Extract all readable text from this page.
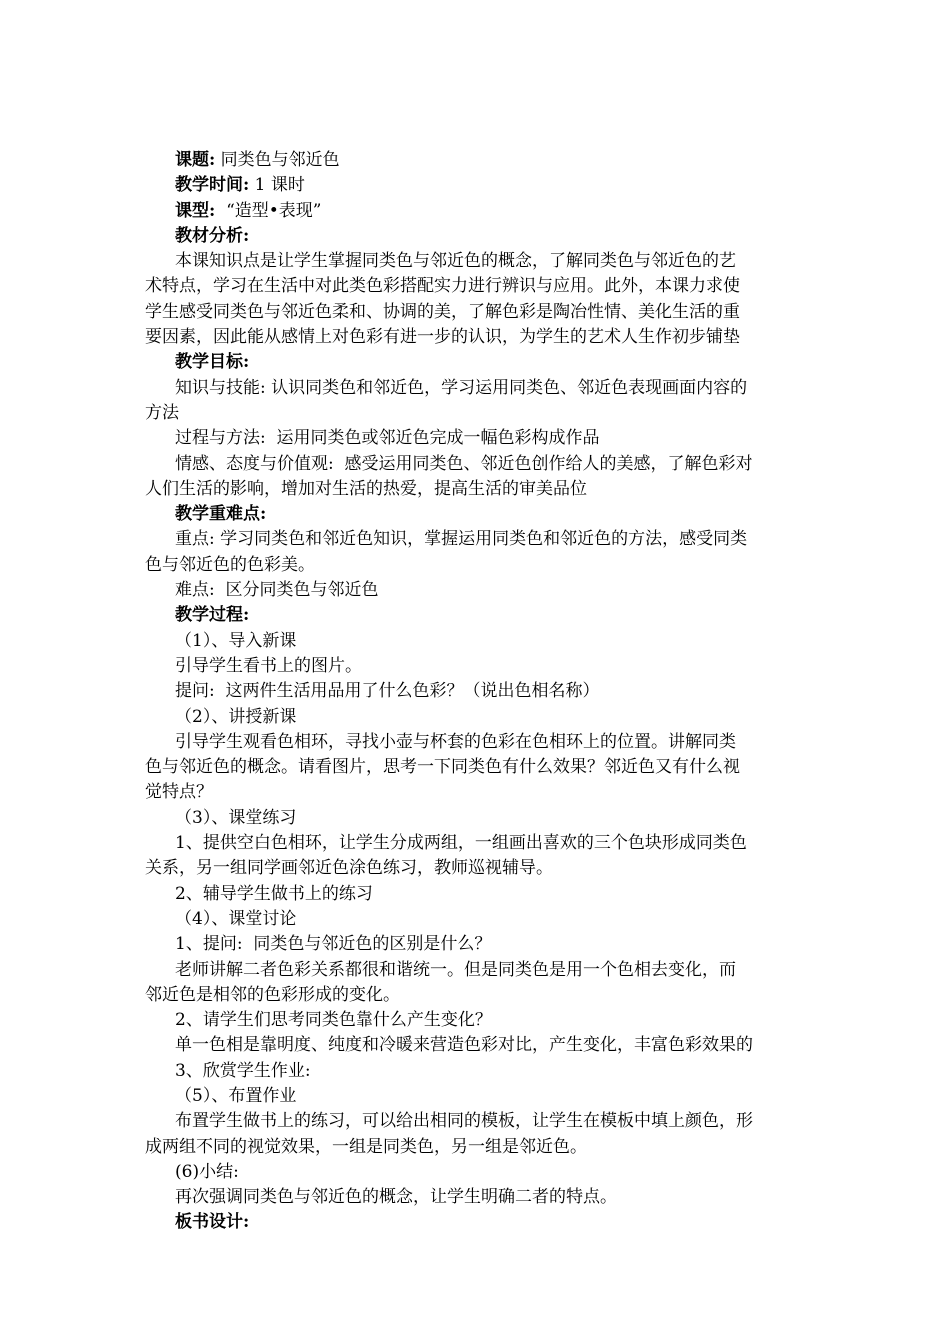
课题: 同类色与邻近色
教学时间: 1 课时
课型:  “造型•表现”
教材分析:
本课知识点是让学生掌握同类色与邻近色的概念，了解同类色与邻近色的艺
术特点，学习在生活中对此类色彩搭配实力进行辨识与应用。此外，本课力求使
学生感受同类色与邻近色柔和、协调的美，了解色彩是陶冶性情、美化生活的重
要因素，因此能从感情上对色彩有进一步的认识，为学生的艺术人生作初步铺垫
教学目标:
知识与技能: 认识同类色和邻近色，学习运用同类色、邻近色表现画面内容的
方法
过程与方法:  运用同类色或邻近色完成一幅色彩构成作品
情感、态度与价值观:  感受运用同类色、邻近色创作给人的美感，了解色彩对
人们生活的影响，增加对生活的热爱，提高生活的审美品位
教学重难点:
重点: 学习同类色和邻近色知识，掌握运用同类色和邻近色的方法，感受同类
色与邻近色的色彩美。
难点:  区分同类色与邻近色
教学过程:
（1）、导入新课
引导学生看书上的图片。
提问:  这两件生活用品用了什么色彩？（说出色相名称）
（2）、讲授新课
引导学生观看色相环，寻找小壶与杯套的色彩在色相环上的位置。讲解同类
色与邻近色的概念。请看图片，思考一下同类色有什么效果？邻近色又有什么视
觉特点？
（3）、课堂练习
1、提供空白色相环，让学生分成两组，一组画出喜欢的三个色块形成同类色
关系，另一组同学画邻近色涂色练习，教师巡视辅导。
2、辅导学生做书上的练习
（4）、课堂讨论
1、提问:  同类色与邻近色的区别是什么？
老师讲解二者色彩关系都很和谐统一。但是同类色是用一个色相去变化，而
邻近色是相邻的色彩形成的变化。
2、请学生们思考同类色靠什么产生变化？
单一色相是靠明度、纯度和冷暖来营造色彩对比，产生变化，丰富色彩效果的
3、欣赏学生作业:
（5）、布置作业
布置学生做书上的练习，可以给出相同的模板，让学生在模板中填上颜色，形
成两组不同的视觉效果，一组是同类色，另一组是邻近色。
(6)小结:
再次强调同类色与邻近色的概念，让学生明确二者的特点。
板书设计:
